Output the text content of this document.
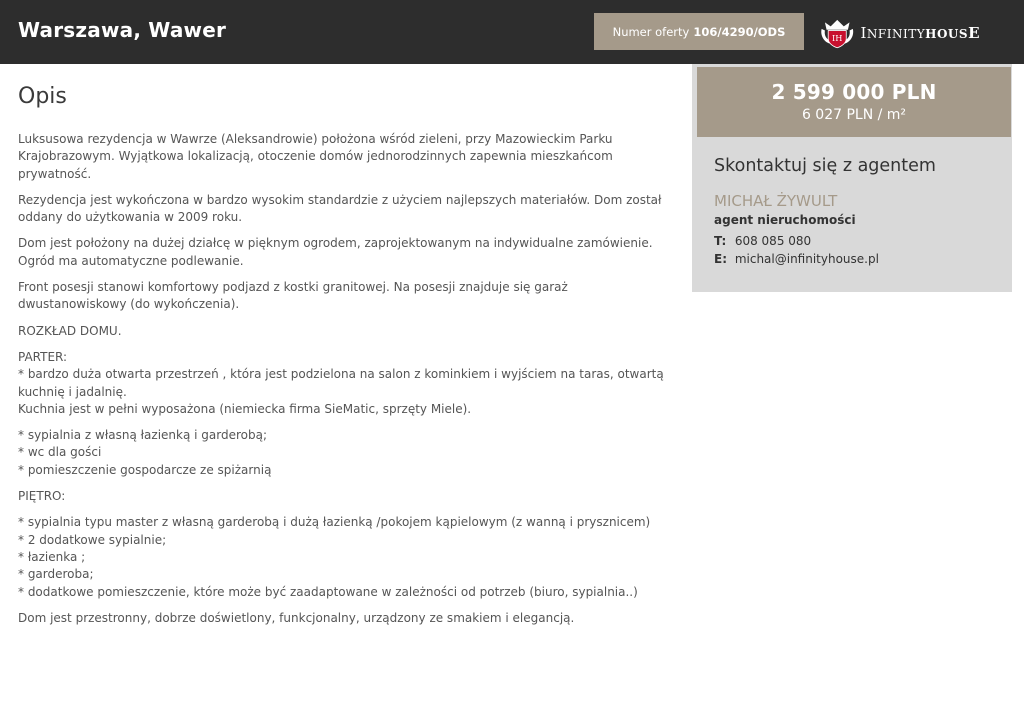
Warszawa, Wawer	Numer oferty 106/4290/ODS	IH INFINITYHOUSE
Opis

Luksusowa rezydencja w Wawrze (Aleksandrowie) położona wśród zieleni, przy Mazowieckim Parku Krajobrazowym. Wyjątkowa lokalizacją, otoczenie domów jednorodzinnych zapewnia mieszkańcom prywatność.

Rezydencja jest wykończona w bardzo wysokim standardzie z użyciem najlepszych materiałów. Dom został oddany do użytkowania w 2009 roku.

Dom jest położony na dużej działcę w pięknym ogrodem, zaprojektowanym na indywidualne zamówienie. Ogród ma automatyczne podlewanie.

Front posesji stanowi komfortowy podjazd z kostki granitowej. Na posesji znajduje się garaż dwustanowiskowy (do wykończenia).

ROZKŁAD DOMU.

PARTER:
* bardzo duża otwarta przestrzeń , która jest podzielona na salon z kominkiem i wyjściem na taras, otwartą kuchnię i jadalnię.
Kuchnia jest w pełni wyposażona (niemiecka firma SieMatic, sprzęty Miele).

* sypialnia z własną łazienką i garderobą;
* wc dla gości
* pomieszczenie gospodarcze ze spiżarnią

PIĘTRO:

* sypialnia typu master z własną garderobą i dużą łazienką /pokojem kąpielowym (z wanną i prysznicem)
* 2 dodatkowe sypialnie;
* łazienka ;
* garderoba;
* dodatkowe pomieszczenie, które może być zaadaptowane w zależności od potrzeb (biuro, sypialnia..)

Dom jest przestronny, dobrze doświetlony, funkcjonalny, urządzony ze smakiem i elegancją.

2 599 000 PLN
6 027 PLN / m²
Skontaktuj się z agentem
MICHAŁ ŻYWULT
agent nieruchomości
T: 608 085 080
E: michal@infinityhouse.pl
